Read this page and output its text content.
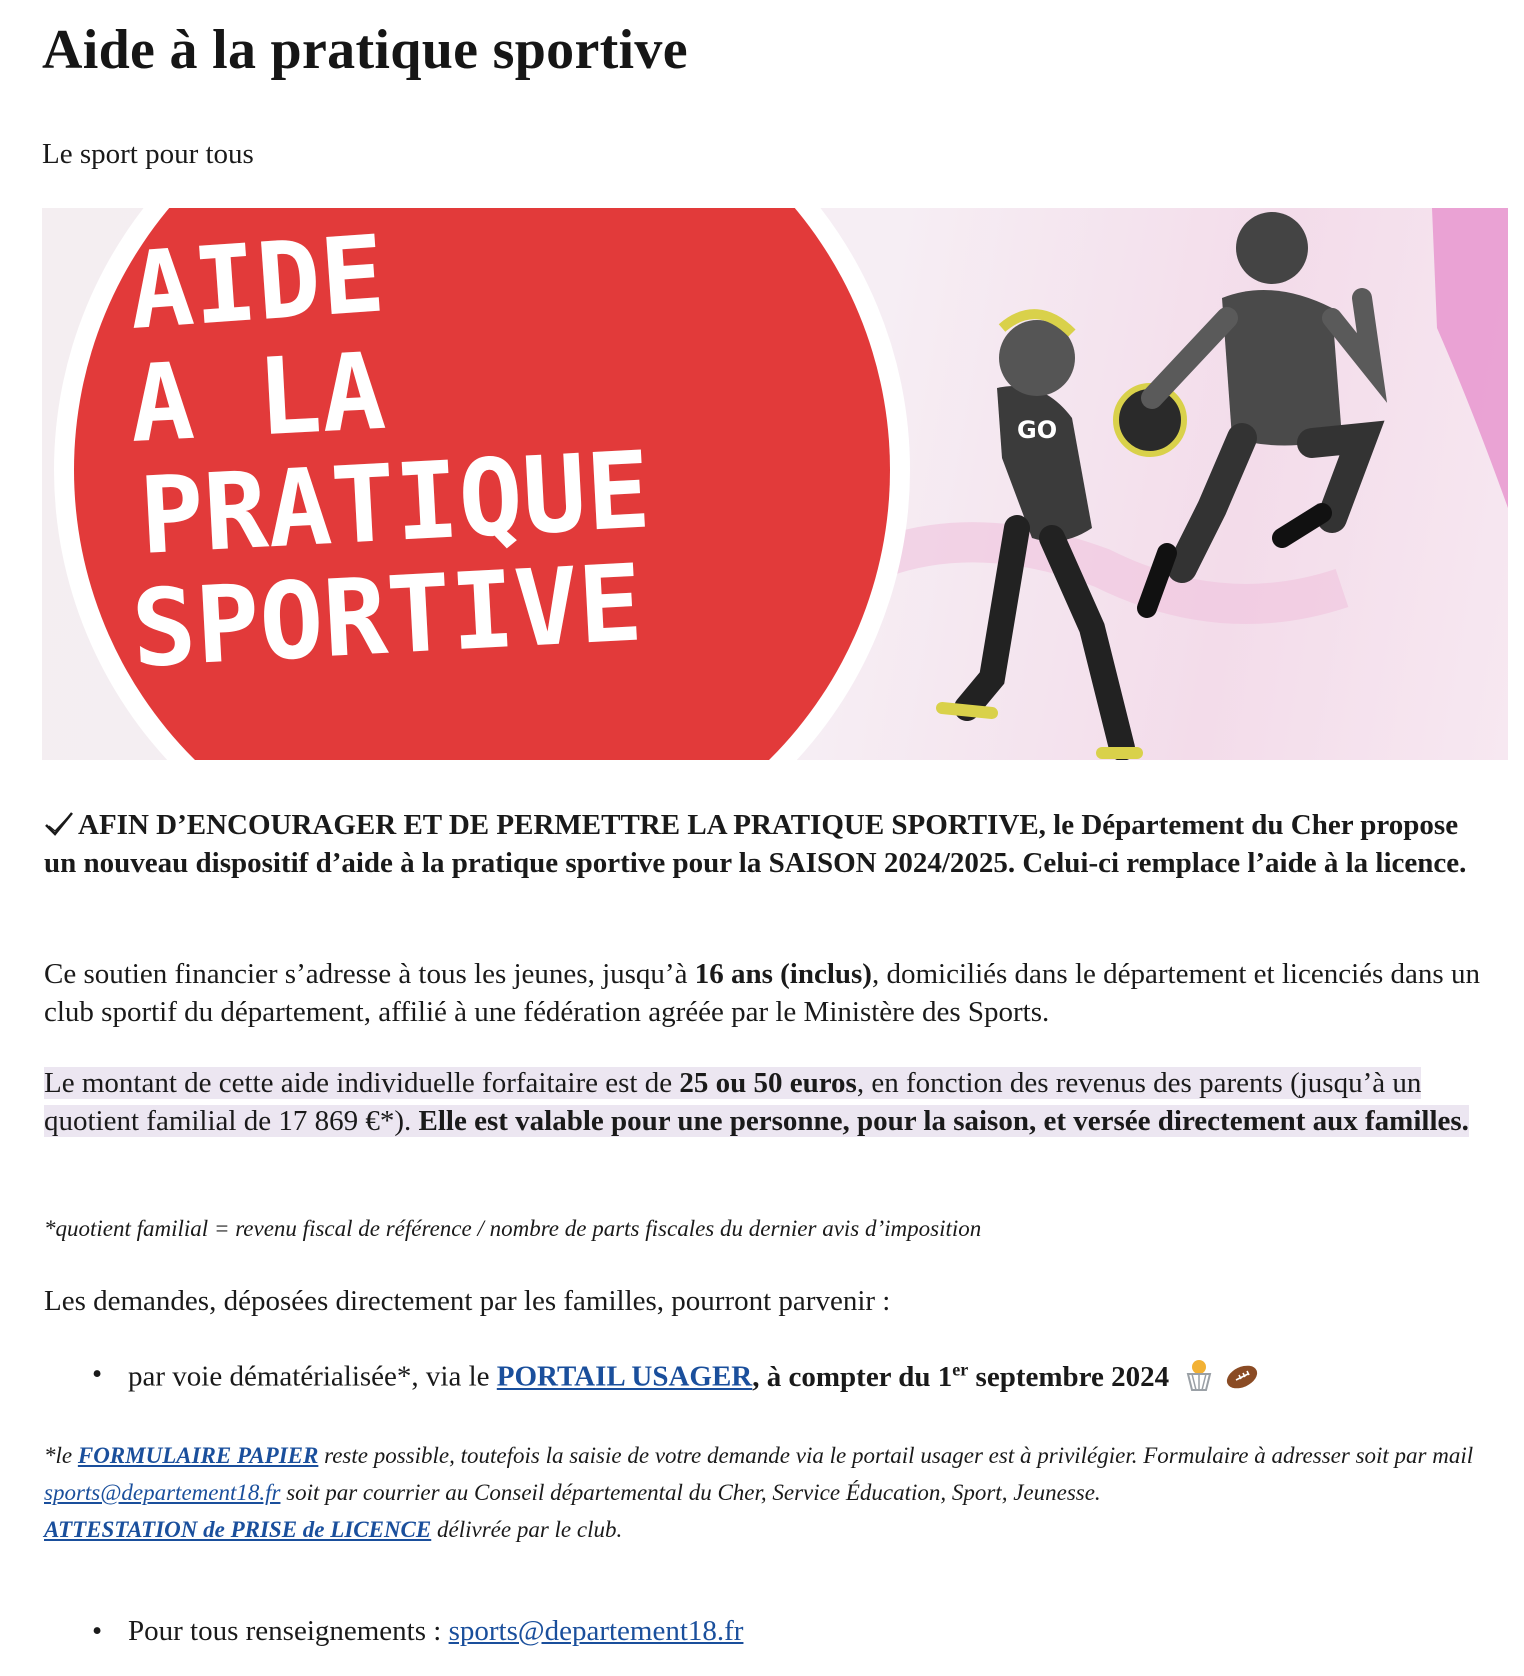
Aide à la pratique sportive

Le sport pour tous

AIDE
A LA
PRATIQUE
SPORTIVE
GO

AFIN D’ENCOURAGER ET DE PERMETTRE LA PRATIQUE SPORTIVE, le Département du Cher propose un nouveau dispositif d’aide à la pratique sportive pour la SAISON 2024/2025. Celui-ci remplace l’aide à la licence.

Ce soutien financier s’adresse à tous les jeunes, jusqu’à 16 ans (inclus), domiciliés dans le département et licenciés dans un club sportif du département, affilié à une fédération agréée par le Ministère des Sports.

Le montant de cette aide individuelle forfaitaire est de 25 ou 50 euros, en fonction des revenus des parents (jusqu’à un quotient familial de 17 869 €*). Elle est valable pour une personne, pour la saison, et versée directement aux familles.

*quotient familial = revenu fiscal de référence / nombre de parts fiscales du dernier avis d’imposition

Les demandes, déposées directement par les familles, pourront parvenir :

• par voie dématérialisée*, via le PORTAIL USAGER, à compter du 1er septembre 2024

*le FORMULAIRE PAPIER reste possible, toutefois la saisie de votre demande via le portail usager est à privilégier. Formulaire à adresser soit par mail sports@departement18.fr soit par courrier au Conseil départemental du Cher, Service Éducation, Sport, Jeunesse.
ATTESTATION de PRISE de LICENCE délivrée par le club.

• Pour tous renseignements : sports@departement18.fr
